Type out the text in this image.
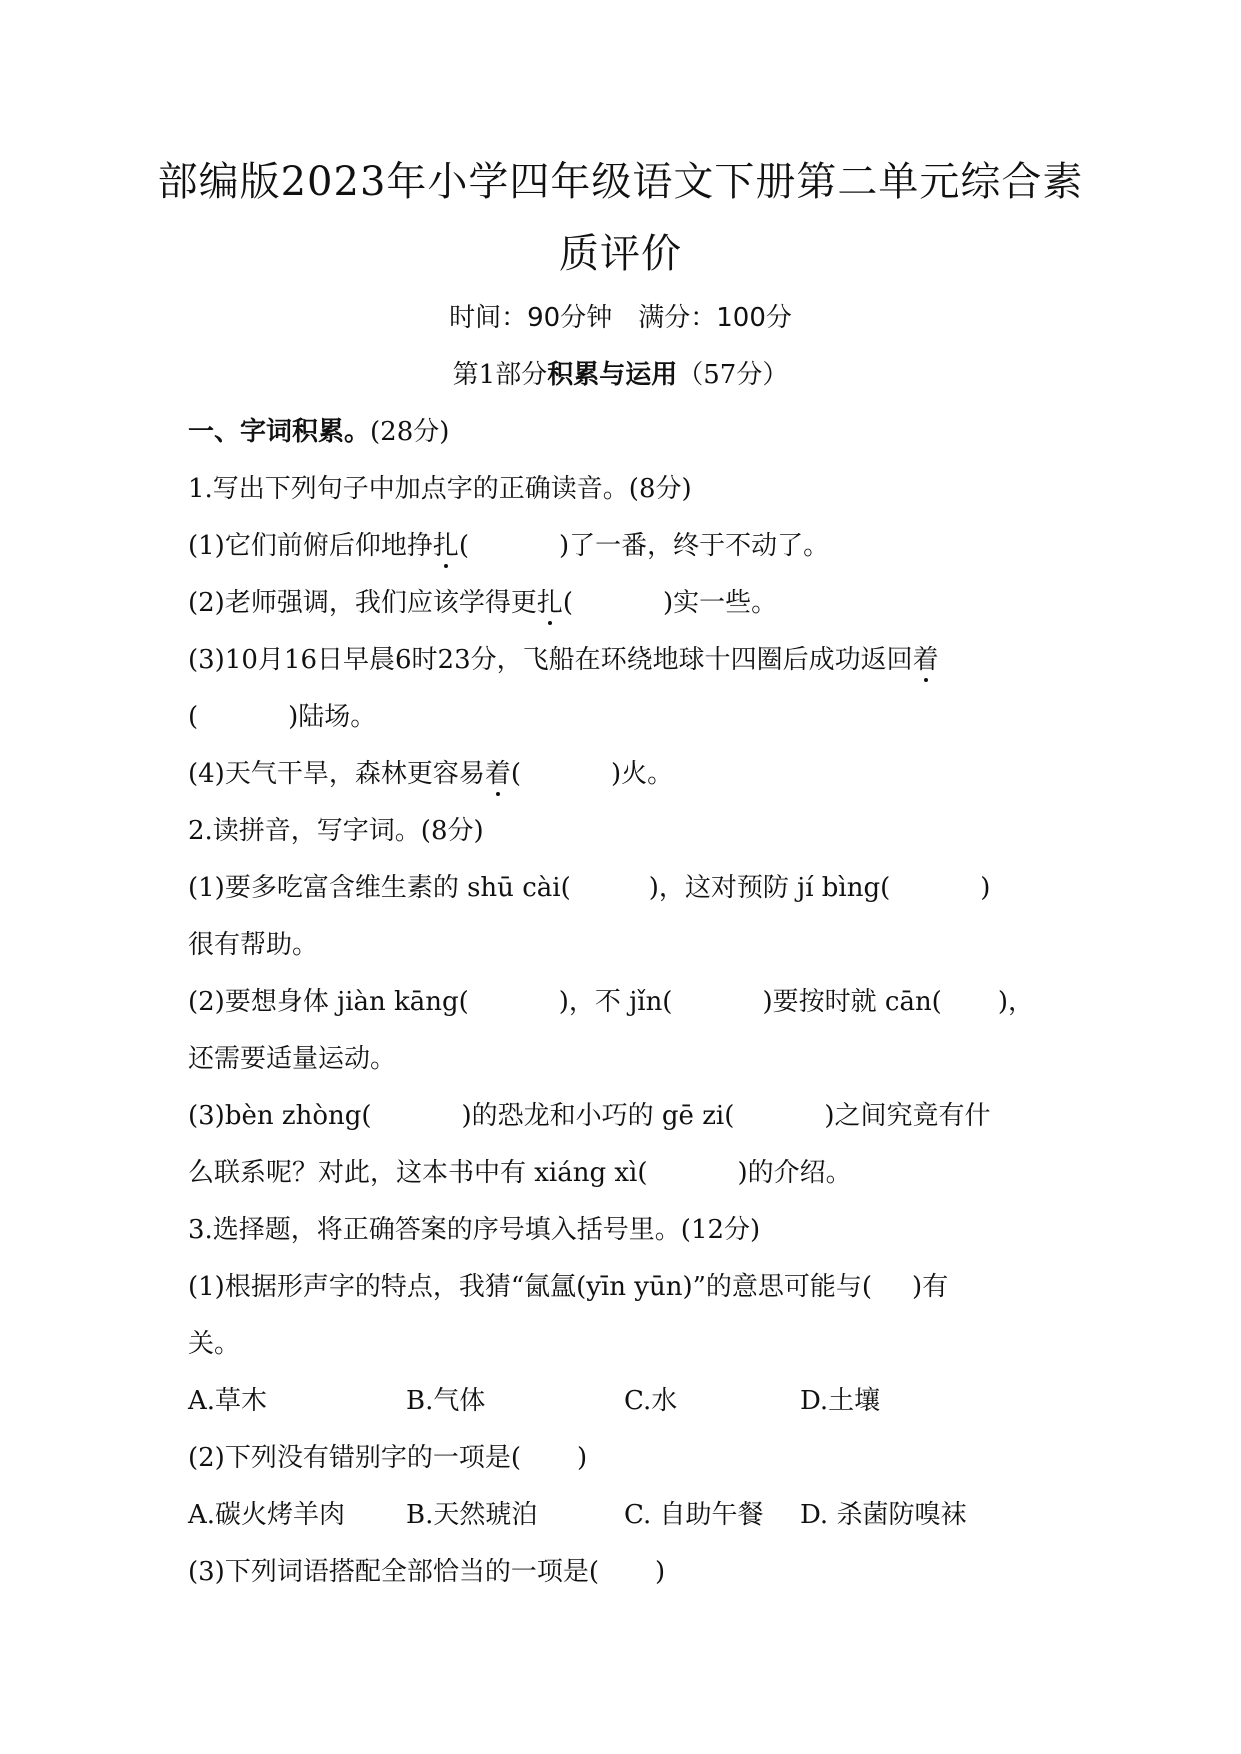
部编版2023年小学四年级语文下册第二单元综合素
质评价
时间：90分钟 满分：100分
第1部分积累与运用（57分）
一、字词积累。(28分)
1.写出下列句子中加点字的正确读音。(8分)
(1)它们前俯后仰地挣扎(	)了一番，终于不动了。
(2)老师强调，我们应该学得更扎(	)实一些。
(3)10月16日早晨6时23分，飞船在环绕地球十四圈后成功返回着
(	)陆场。
(4)天气干旱，森林更容易着(	)火。
2.读拼音，写字词。(8分)
(1)要多吃富含维生素的 shū cài(	)，这对预防 jí bìng(	)
很有帮助。
(2)要想身体 jiàn kāng(	)，不 jǐn(	)要按时就 cān( )，
还需要适量运动。
(3)bèn zhòng(	)的恐龙和小巧的 gē zi(	)之间究竟有什
么联系呢？对此，这本书中有 xiáng xì(	)的介绍。
3.选择题，将正确答案的序号填入括号里。(12分)
(1)根据形声字的特点，我猜“氤氲(yīn yūn)”的意思可能与( )有
关。
A.草木	B.气体	C.水	D.土壤
(2)下列没有错别字的一项是( )
A.碳火烤羊肉 B.天然琥泊	C. 自助午餐 D. 杀菌防嗅袜
(3)下列词语搭配全部恰当的一项是( )
